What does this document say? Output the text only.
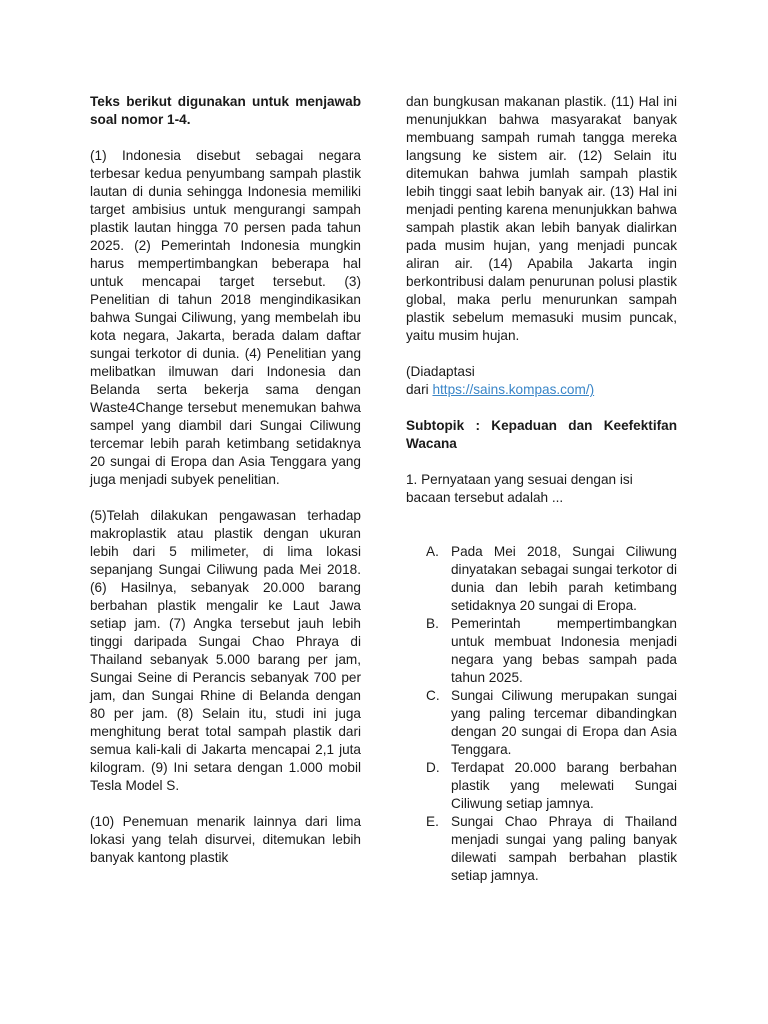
Teks berikut digunakan untuk menjawab soal nomor 1-4.

(1) Indonesia disebut sebagai negara terbesar kedua penyumbang sampah plastik lautan di dunia sehingga Indonesia memiliki target ambisius untuk mengurangi sampah plastik lautan hingga 70 persen pada tahun 2025. (2) Pemerintah Indonesia mungkin harus mempertimbangkan beberapa hal untuk mencapai target tersebut. (3) Penelitian di tahun 2018 mengindikasikan bahwa Sungai Ciliwung, yang membelah ibu kota negara, Jakarta, berada dalam daftar sungai terkotor di dunia. (4) Penelitian yang melibatkan ilmuwan dari Indonesia dan Belanda serta bekerja sama dengan Waste4Change tersebut menemukan bahwa sampel yang diambil dari Sungai Ciliwung tercemar lebih parah ketimbang setidaknya 20 sungai di Eropa dan Asia Tenggara yang juga menjadi subyek penelitian.

(5)Telah dilakukan pengawasan terhadap makroplastik atau plastik dengan ukuran lebih dari 5 milimeter, di lima lokasi sepanjang Sungai Ciliwung pada Mei 2018. (6) Hasilnya, sebanyak 20.000 barang berbahan plastik mengalir ke Laut Jawa setiap jam. (7) Angka tersebut jauh lebih tinggi daripada Sungai Chao Phraya di Thailand sebanyak 5.000 barang per jam, Sungai Seine di Perancis sebanyak 700 per jam, dan Sungai Rhine di Belanda dengan 80 per jam. (8) Selain itu, studi ini juga menghitung berat total sampah plastik dari semua kali-kali di Jakarta mencapai 2,1 juta kilogram. (9) Ini setara dengan 1.000 mobil Tesla Model S.

(10) Penemuan menarik lainnya dari lima lokasi yang telah disurvei, ditemukan lebih banyak kantong plastik

dan bungkusan makanan plastik. (11) Hal ini menunjukkan bahwa masyarakat banyak membuang sampah rumah tangga mereka langsung ke sistem air. (12) Selain itu ditemukan bahwa jumlah sampah plastik lebih tinggi saat lebih banyak air. (13) Hal ini menjadi penting karena menunjukkan bahwa sampah plastik akan lebih banyak dialirkan pada musim hujan, yang menjadi puncak aliran air. (14) Apabila Jakarta ingin berkontribusi dalam penurunan polusi plastik global, maka perlu menurunkan sampah plastik sebelum memasuki musim puncak, yaitu musim hujan.

(Diadaptasi
dari https://sains.kompas.com/)

Subtopik : Kepaduan dan Keefektifan Wacana

1. Pernyataan yang sesuai dengan isi bacaan tersebut adalah ...

A. Pada Mei 2018, Sungai Ciliwung dinyatakan sebagai sungai terkotor di dunia dan lebih parah ketimbang setidaknya 20 sungai di Eropa.
B. Pemerintah mempertimbangkan untuk membuat Indonesia menjadi negara yang bebas sampah pada tahun 2025.
C. Sungai Ciliwung merupakan sungai yang paling tercemar dibandingkan dengan 20 sungai di Eropa dan Asia Tenggara.
D. Terdapat 20.000 barang berbahan plastik yang melewati Sungai Ciliwung setiap jamnya.
E. Sungai Chao Phraya di Thailand menjadi sungai yang paling banyak dilewati sampah berbahan plastik setiap jamnya.
